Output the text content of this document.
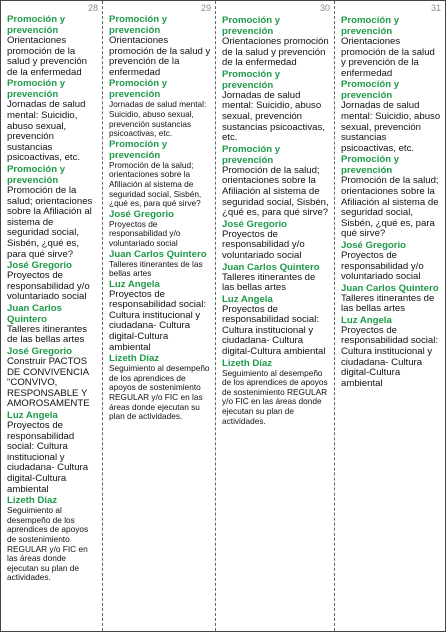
28
Promoción y prevención
Orientaciones promoción de la salud y prevención de la enfermedad
Promoción y prevención
Jornadas de salud mental: Suicidio, abuso sexual, prevención sustancias psicoactivas, etc.
Promoción y prevención
Promoción de la salud; orientaciones sobre la Afiliación al sistema de seguridad social, Sisbén, ¿qué es, para qué sirve?
José Gregorio
Proyectos de responsabilidad y/o voluntariado social
Juan Carlos Quintero
Talleres itinerantes de las bellas artes
José Gregorio
Construir PACTOS DE CONVIVENCIA "CONVIVO, RESPONSABLE Y AMOROSAMENTE
Luz Angela
Proyectos de responsabilidad social: Cultura institucional y ciudadana- Cultura digital-Cultura ambiental
Lizeth Díaz
Seguimiento al desempeño de los aprendices de apoyos de sostenimiento REGULAR y/o FIC en las áreas donde ejecutan su plan de actividades.
29
Promoción y prevención
Orientaciones promoción de la salud y prevención de la enfermedad
Promoción y prevención
Jornadas de salud mental: Suicidio, abuso sexual, prevención sustancias psicoactivas, etc.
Promoción y prevención
Promoción de la salud; orientaciones sobre la Afiliación al sistema de seguridad social, Sisbén, ¿qué es, para qué sirve?
José Gregorio
Proyectos de responsabilidad y/o voluntariado social
Juan Carlos Quintero
Talleres itinerantes de las bellas artes
Luz Angela
Proyectos de responsabilidad social: Cultura institucional y ciudadana- Cultura digital-Cultura ambiental
Lizeth Díaz
Seguimiento al desempeño de los aprendices de apoyos de sostenimiento REGULAR y/o FIC en las áreas donde ejecutan su plan de actividades.
30
Promoción y prevención
Orientaciones promoción de la salud y prevención de la enfermedad
Promoción y prevención
Jornadas de salud mental: Suicidio, abuso sexual, prevención sustancias psicoactivas, etc.
Promoción y prevención
Promoción de la salud; orientaciones sobre la Afiliación al sistema de seguridad social, Sisbén, ¿qué es, para qué sirve?
José Gregorio
Proyectos de responsabilidad y/o voluntariado social
Juan Carlos Quintero
Talleres itinerantes de las bellas artes
Luz Angela
Proyectos de responsabilidad social: Cultura institucional y ciudadana- Cultura digital-Cultura ambiental
Lizeth Díaz
Seguimiento al desempeño de los aprendices de apoyos de sostenimiento REGULAR y/o FIC en las áreas donde ejecutan su plan de actividades.
31
Promoción y prevención
Orientaciones promoción de la salud y prevención de la enfermedad
Promoción y prevención
Jornadas de salud mental: Suicidio, abuso sexual, prevención sustancias psicoactivas, etc.
Promoción y prevención
Promoción de la salud; orientaciones sobre la Afiliación al sistema de seguridad social, Sisbén, ¿qué es, para qué sirve?
José Gregorio
Proyectos de responsabilidad y/o voluntariado social
Juan Carlos Quintero
Talleres itinerantes de las bellas artes
Luz Angela
Proyectos de responsabilidad social: Cultura institucional y ciudadana- Cultura digital-Cultura ambiental
